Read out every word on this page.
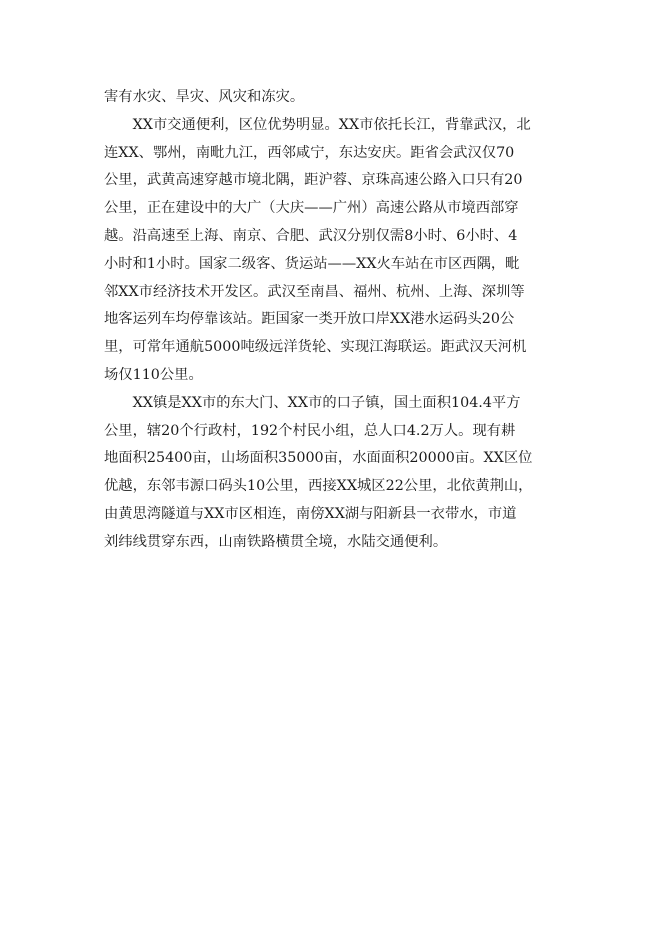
害有水灾、旱灾、风灾和冻灾。

XX市交通便利，区位优势明显。XX市依托长江，背靠武汉，北
连XX、鄂州，南毗九江，西邻咸宁，东达安庆。距省会武汉仅70
公里，武黄高速穿越市境北隅，距沪蓉、京珠高速公路入口只有20
公里，正在建设中的大广（大庆——广州）高速公路从市境西部穿
越。沿高速至上海、南京、合肥、武汉分别仅需8小时、6小时、4
小时和1小时。国家二级客、货运站——XX火车站在市区西隅，毗
邻XX市经济技术开发区。武汉至南昌、福州、杭州、上海、深圳等
地客运列车均停靠该站。距国家一类开放口岸XX港水运码头20公
里，可常年通航5000吨级远洋货轮、实现江海联运。距武汉天河机
场仅110公里。

XX镇是XX市的东大门、XX市的口子镇，国土面积104.4平方
公里，辖20个行政村，192个村民小组，总人口4.2万人。现有耕
地面积25400亩，山场面积35000亩，水面面积20000亩。XX区位
优越，东邻韦源口码头10公里，西接XX城区22公里，北依黄荆山，
由黄思湾隧道与XX市区相连，南傍XX湖与阳新县一衣带水，市道
刘纬线贯穿东西，山南铁路横贯全境，水陆交通便利。
